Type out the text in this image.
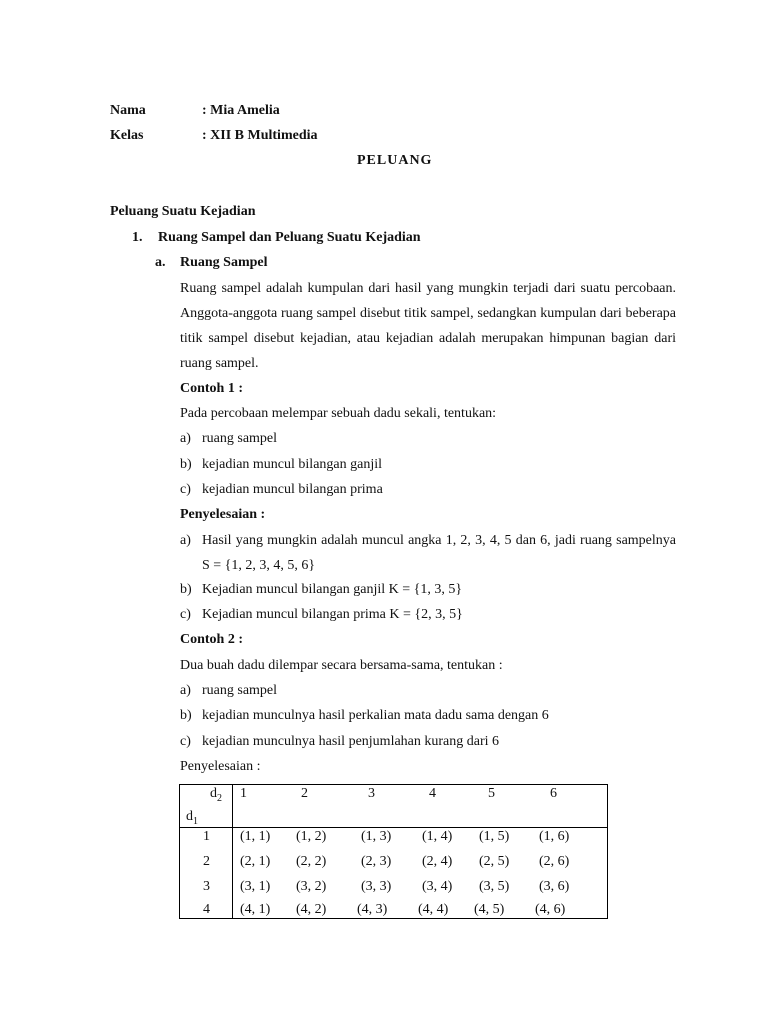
Nama	: Mia Amelia
Kelas	: XII B Multimedia
PELUANG
Peluang Suatu Kejadian
1. Ruang Sampel dan Peluang Suatu Kejadian
a. Ruang Sampel

Ruang sampel adalah kumpulan dari hasil yang mungkin terjadi dari suatu percobaan. Anggota-anggota ruang sampel disebut titik sampel, sedangkan kumpulan dari beberapa titik sampel disebut kejadian, atau kejadian adalah merupakan himpunan bagian dari ruang sampel.

Contoh 1 :
Pada percobaan melempar sebuah dadu sekali, tentukan:
a) ruang sampel
b) kejadian muncul bilangan ganjil
c) kejadian muncul bilangan prima
Penyelesaian :
a) Hasil yang mungkin adalah muncul angka 1, 2, 3, 4, 5 dan 6, jadi ruang sampelnya S = {1, 2, 3, 4, 5, 6}
b) Kejadian muncul bilangan ganjil K = {1, 3, 5}
c) Kejadian muncul bilangan prima K = {2, 3, 5}
Contoh 2 :
Dua buah dadu dilempar secara bersama-sama, tentukan :
a) ruang sampel
b) kejadian munculnya hasil perkalian mata dadu sama dengan 6
c) kejadian munculnya hasil penjumlahan kurang dari 6
Penyelesaian :
$d_2$
$d_1$
1	2	3	4	5	6
1 (1, 1) (1, 2) (1, 3) (1, 4) (1, 5) (1, 6)
2 (2, 1) (2, 2) (2, 3) (2, 4) (2, 5) (2, 6)
3 (3, 1) (3, 2) (3, 3) (3, 4) (3, 5) (3, 6)
4 (4, 1) (4, 2) (4, 3) (4, 4) (4, 5) (4, 6)
